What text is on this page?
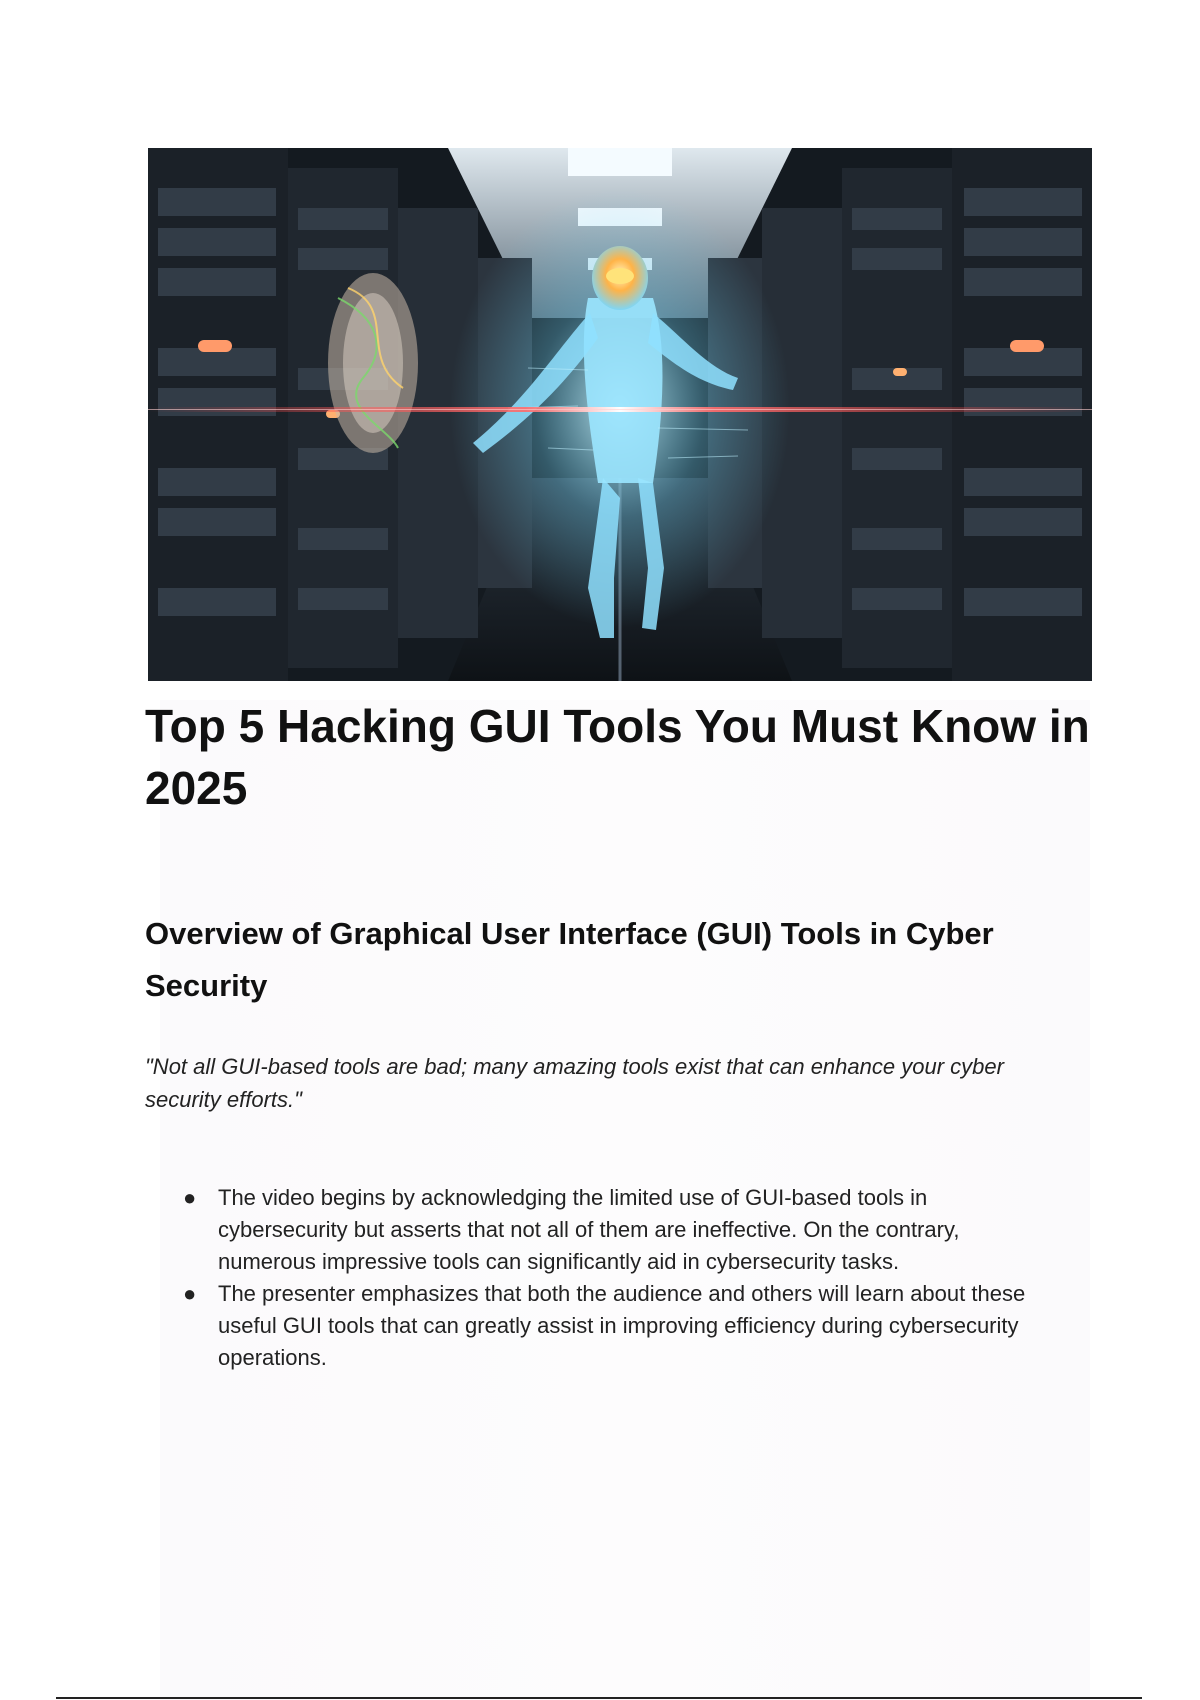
Top 5 Hacking GUI Tools You Must Know in 2025
Overview of Graphical User Interface (GUI) Tools in Cyber Security

"Not all GUI-based tools are bad; many amazing tools exist that can enhance your cyber security efforts."

● The video begins by acknowledging the limited use of GUI-based tools in cybersecurity but asserts that not all of them are ineffective. On the contrary, numerous impressive tools can significantly aid in cybersecurity tasks.
● The presenter emphasizes that both the audience and others will learn about these useful GUI tools that can greatly assist in improving efficiency during cybersecurity operations.
